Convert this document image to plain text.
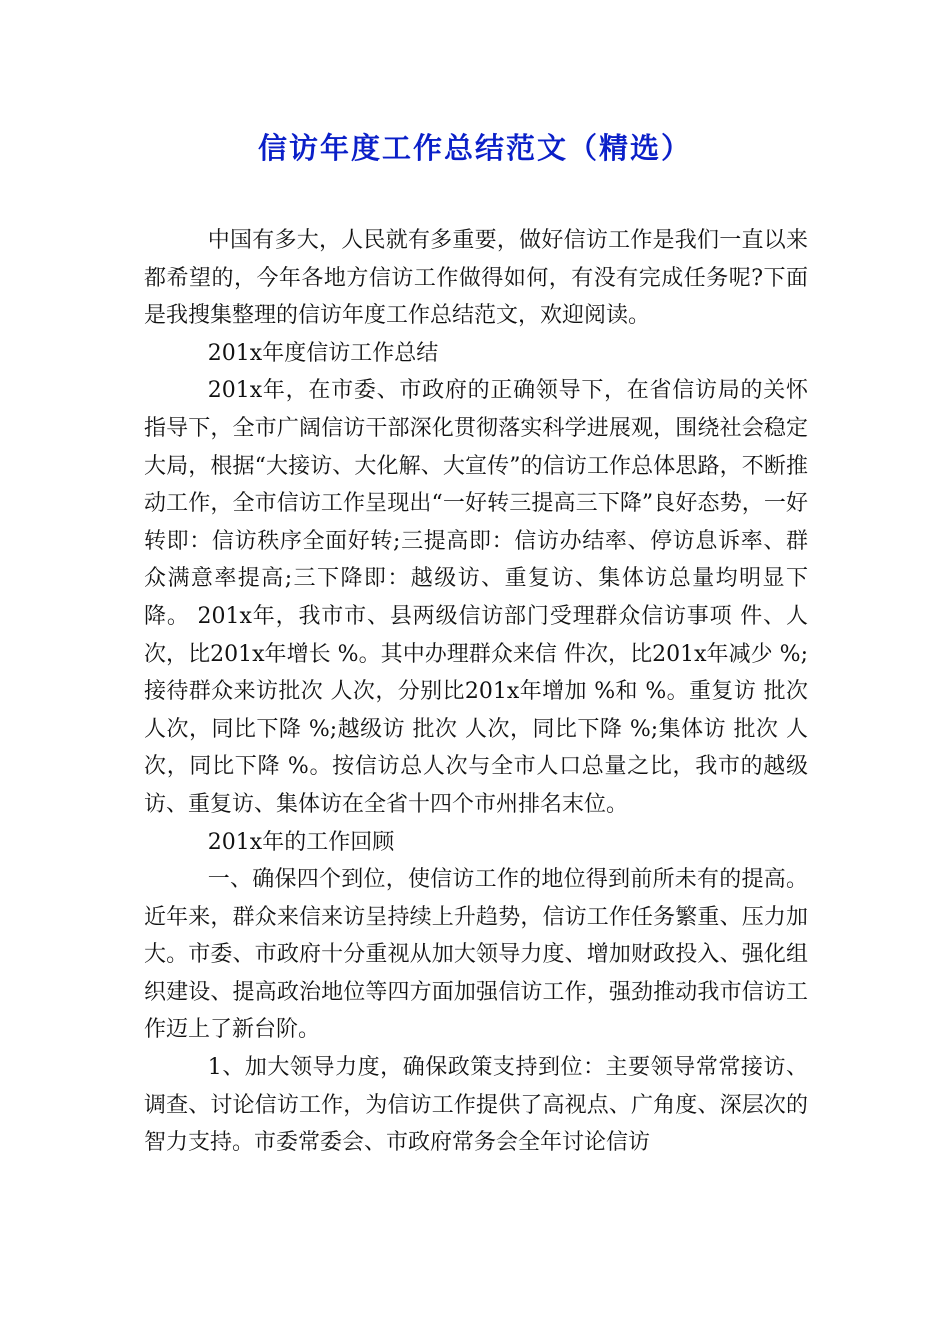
信访年度工作总结范文（精选）

中国有多大，人民就有多重要，做好信访工作是我们一直以来都希望的，今年各地方信访工作做得如何，有没有完成任务呢?下面是我搜集整理的信访年度工作总结范文，欢迎阅读。

201x年度信访工作总结

201x年，在市委、市政府的正确领导下，在省信访局的关怀指导下，全市广阔信访干部深化贯彻落实科学进展观，围绕社会稳定大局，根据“大接访、大化解、大宣传”的信访工作总体思路，不断推动工作，全市信访工作呈现出“一好转三提高三下降”良好态势，一好转即：信访秩序全面好转;三提高即：信访办结率、停访息诉率、群众满意率提高;三下降即：越级访、重复访、集体访总量均明显下降。 201x年，我市市、县两级信访部门受理群众信访事项 件、人次，比201x年增长 %。其中办理群众来信 件次，比201x年减少 %;接待群众来访批次 人次，分别比201x年增加 %和 %。重复访 批次 人次，同比下降 %;越级访 批次 人次，同比下降 %;集体访 批次 人次，同比下降 %。按信访总人次与全市人口总量之比，我市的越级访、重复访、集体访在全省十四个市州排名末位。

201x年的工作回顾

一、确保四个到位，使信访工作的地位得到前所未有的提高。近年来，群众来信来访呈持续上升趋势，信访工作任务繁重、压力加大。市委、市政府十分重视从加大领导力度、增加财政投入、强化组织建设、提高政治地位等四方面加强信访工作，强劲推动我市信访工作迈上了新台阶。

1、加大领导力度，确保政策支持到位：主要领导常常接访、调查、讨论信访工作，为信访工作提供了高视点、广角度、深层次的智力支持。市委常委会、市政府常务会全年讨论信访
